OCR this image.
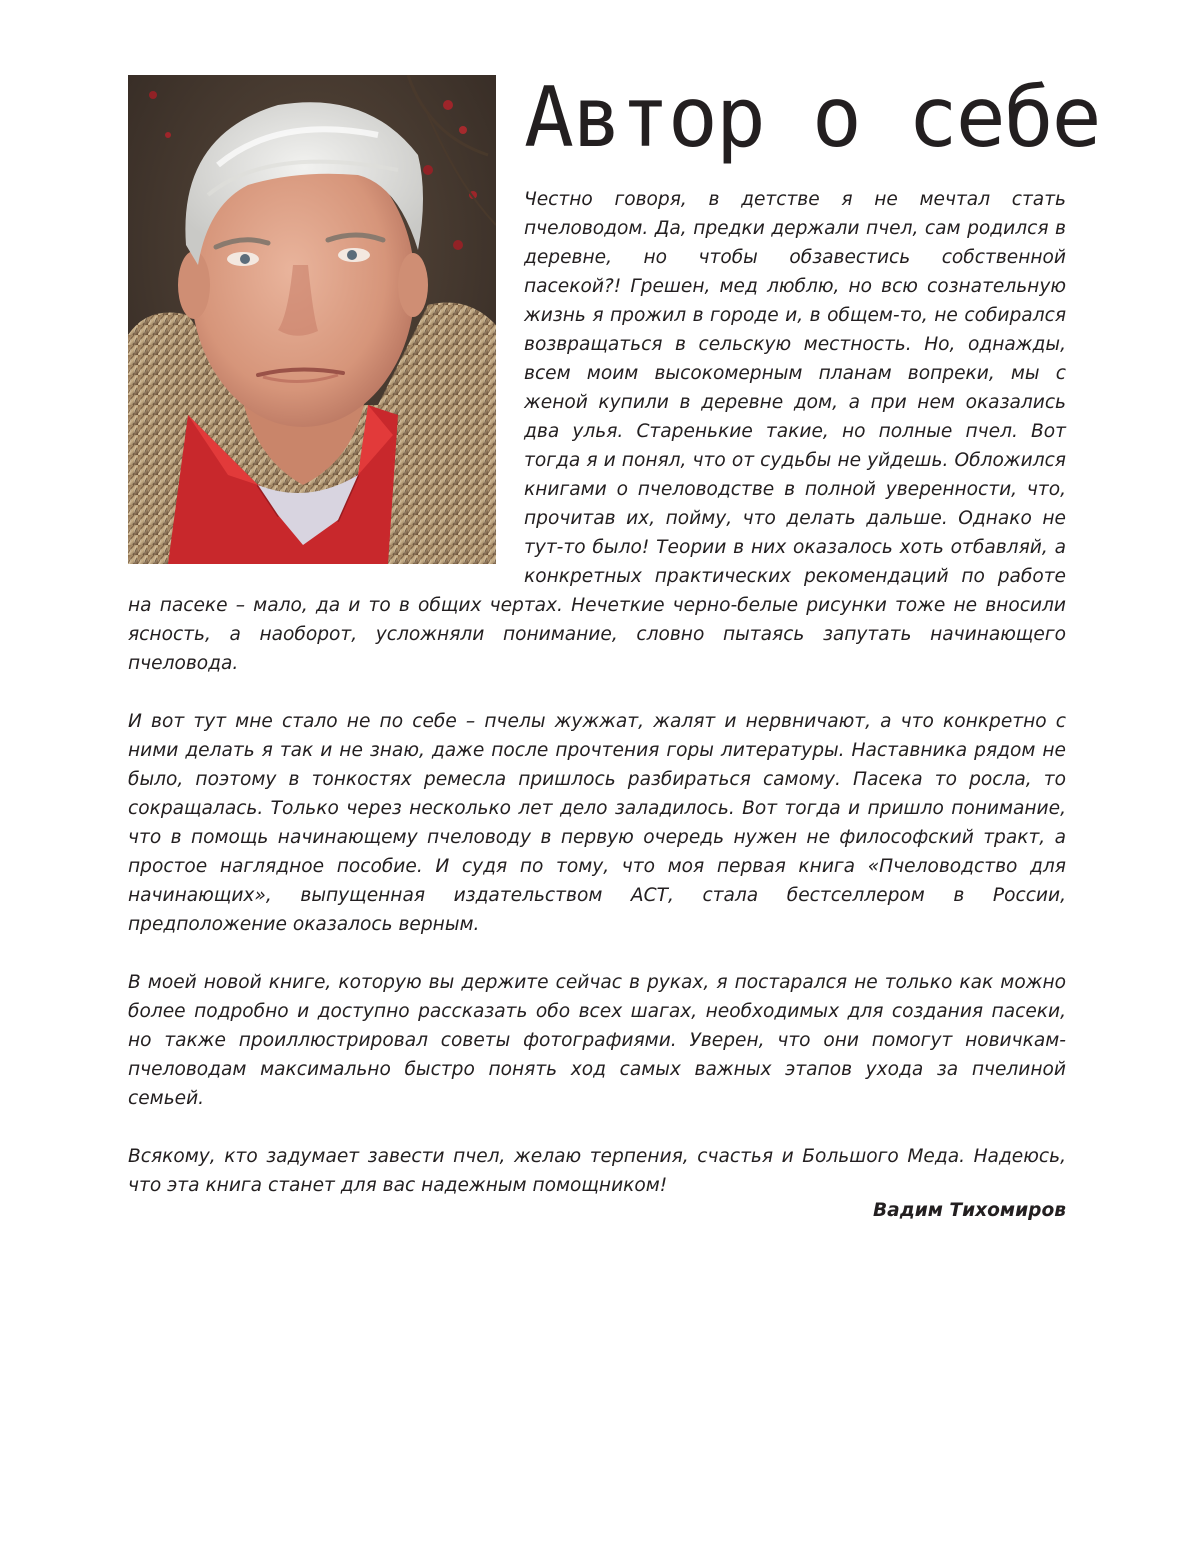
Автор о себе

Честно говоря, в детстве я не мечтал стать пчеловодом. Да, предки держали пчел, сам родился в деревне, но чтобы обзавестись собственной пасекой?! Грешен, мед люблю, но всю сознательную жизнь я прожил в городе и, в общем-то, не собирался возвращаться в сельскую местность. Но, однажды, всем моим высокомерным планам вопреки, мы с женой купили в деревне дом, а при нем оказались два улья. Старенькие такие, но полные пчел. Вот тогда я и понял, что от судьбы не уйдешь. Обложился книгами о пчеловодстве в полной уверенности, что, прочитав их, пойму, что делать дальше. Однако не тут-то было! Теории в них оказалось хоть отбавляй, а конкретных практических рекомендаций по работе на пасеке – мало, да и то в общих чертах. Нечеткие черно-белые рисунки тоже не вносили ясность, а наоборот, усложняли понимание, словно пытаясь запутать начинающего пчеловода.

И вот тут мне стало не по себе – пчелы жужжат, жалят и нервничают, а что конкретно с ними делать я так и не знаю, даже после прочтения горы литературы. Наставника рядом не было, поэтому в тонкостях ремесла пришлось разбираться самому. Пасека то росла, то сокращалась. Только через несколько лет дело заладилось. Вот тогда и пришло понимание, что в помощь начинающему пчеловоду в первую очередь нужен не философский тракт, а простое наглядное пособие. И судя по тому, что моя первая книга «Пчеловодство для начинающих», выпущенная издательством АСТ, стала бестселлером в России, предположение оказалось верным.

В моей новой книге, которую вы держите сейчас в руках, я постарался не только как можно более подробно и доступно рассказать обо всех шагах, необходимых для создания пасеки, но также проиллюстрировал советы фотографиями. Уверен, что они помогут новичкам-пчеловодам максимально быстро понять ход самых важных этапов ухода за пчелиной семьей.

Всякому, кто задумает завести пчел, желаю терпения, счастья и Большого Меда. Надеюсь, что эта книга станет для вас надежным помощником!

Вадим Тихомиров
